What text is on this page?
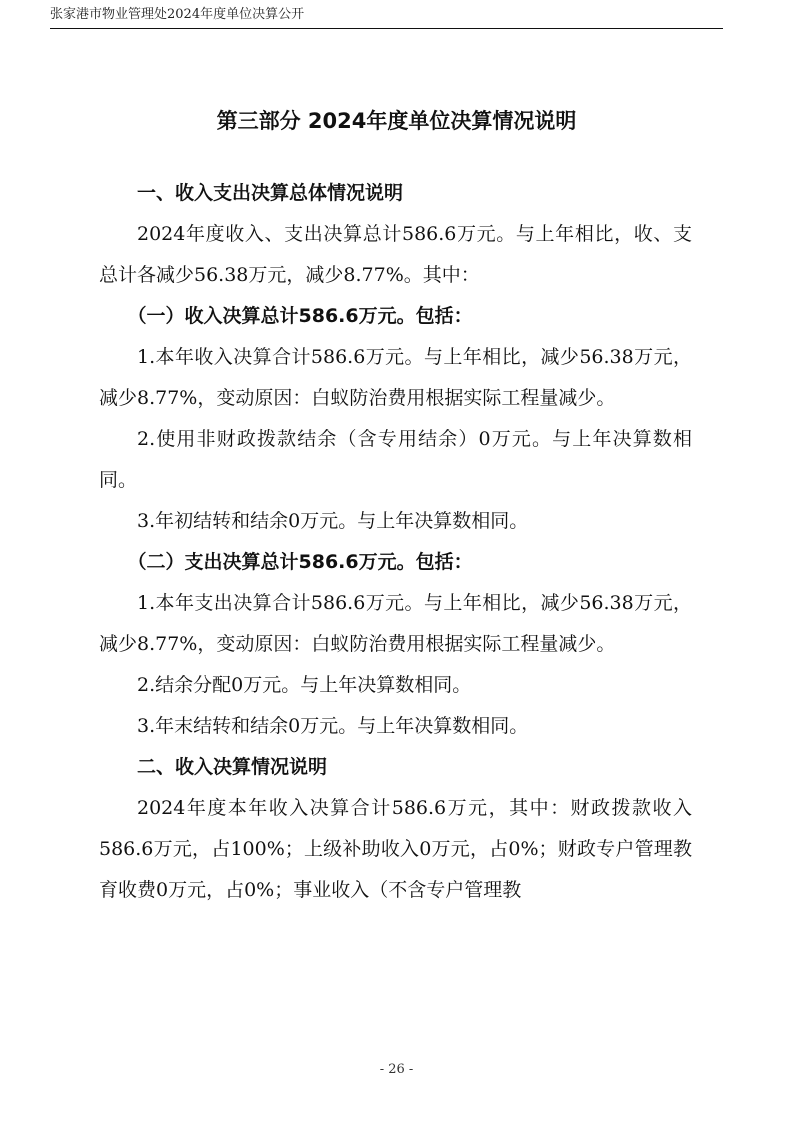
张家港市物业管理处2024年度单位决算公开
第三部分 2024年度单位决算情况说明

一、收入支出决算总体情况说明

2024年度收入、支出决算总计586.6万元。与上年相比，收、支总计各减少56.38万元，减少8.77%。其中：

（一）收入决算总计586.6万元。包括：

1.本年收入决算合计586.6万元。与上年相比，减少56.38万元，减少8.77%，变动原因：白蚁防治费用根据实际工程量减少。

2.使用非财政拨款结余（含专用结余）0万元。与上年决算数相同。

3.年初结转和结余0万元。与上年决算数相同。

（二）支出决算总计586.6万元。包括：

1.本年支出决算合计586.6万元。与上年相比，减少56.38万元，减少8.77%，变动原因：白蚁防治费用根据实际工程量减少。

2.结余分配0万元。与上年决算数相同。

3.年末结转和结余0万元。与上年决算数相同。

二、收入决算情况说明

2024年度本年收入决算合计586.6万元，其中：财政拨款收入586.6万元，占100%；上级补助收入0万元，占0%；财政专户管理教育收费0万元，占0%；事业收入（不含专户管理教

- 26 -
